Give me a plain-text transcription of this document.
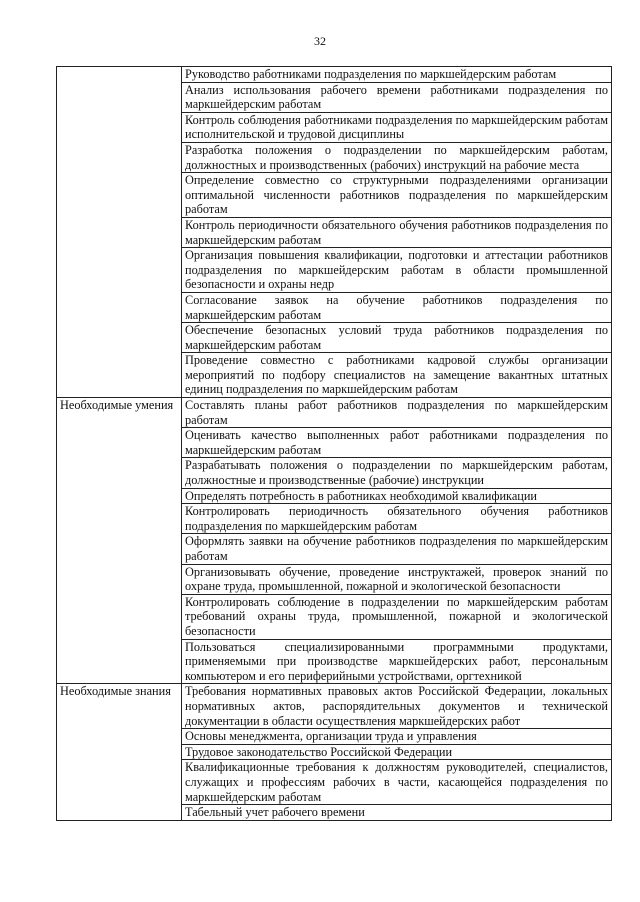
32
	Руководство работниками подразделения по маркшейдерским работам
	Анализ использования рабочего времени работниками подразделения по маркшейдерским работам
	Контроль соблюдения работниками подразделения по маркшейдерским работам исполнительской и трудовой дисциплины
	Разработка положения о подразделении по маркшейдерским работам, должностных и производственных (рабочих) инструкций на рабочие места
	Определение совместно со структурными подразделениями организации оптимальной численности работников подразделения по маркшейдерским работам
	Контроль периодичности обязательного обучения работников подразделения по маркшейдерским работам
	Организация повышения квалификации, подготовки и аттестации работников подразделения по маркшейдерским работам в области промышленной безопасности и охраны недр
	Согласование заявок на обучение работников подразделения по маркшейдерским работам
	Обеспечение безопасных условий труда работников подразделения по маркшейдерским работам
	Проведение совместно с работниками кадровой службы организации мероприятий по подбору специалистов на замещение вакантных штатных единиц подразделения по маркшейдерским работам
Необходимые умения	Составлять планы работ работников подразделения по маркшейдерским работам
	Оценивать качество выполненных работ работниками подразделения по маркшейдерским работам
	Разрабатывать положения о подразделении по маркшейдерским работам, должностные и производственные (рабочие) инструкции
	Определять потребность в работниках необходимой квалификации
	Контролировать периодичность обязательного обучения работников подразделения по маркшейдерским работам
	Оформлять заявки на обучение работников подразделения по маркшейдерским работам
	Организовывать обучение, проведение инструктажей, проверок знаний по охране труда, промышленной, пожарной и экологической безопасности
	Контролировать соблюдение в подразделении по маркшейдерским работам требований охраны труда, промышленной, пожарной и экологической безопасности
	Пользоваться специализированными программными продуктами, применяемыми при производстве маркшейдерских работ, персональным компьютером и его периферийными устройствами, оргтехникой
Необходимые знания	Требования нормативных правовых актов Российской Федерации, локальных нормативных актов, распорядительных документов и технической документации в области осуществления маркшейдерских работ
	Основы менеджмента, организации труда и управления
	Трудовое законодательство Российской Федерации
	Квалификационные требования к должностям руководителей, специалистов, служащих и профессиям рабочих в части, касающейся подразделения по маркшейдерским работам
	Табельный учет рабочего времени
